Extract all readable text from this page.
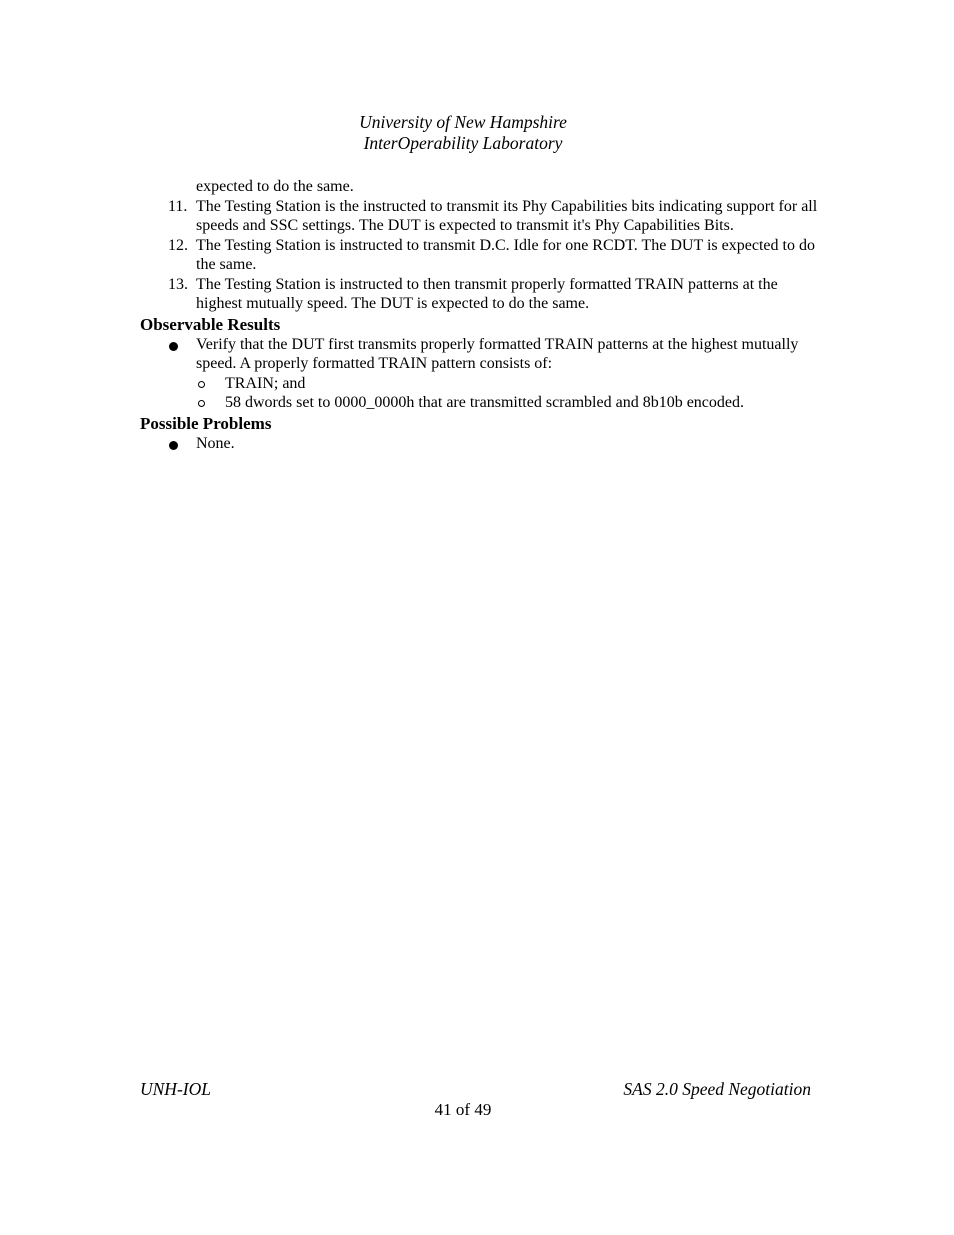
University of New Hampshire
InterOperability Laboratory
expected to do the same.
11. The Testing Station is the instructed to transmit its Phy Capabilities bits indicating support for all speeds and SSC settings. The DUT is expected to transmit it's Phy Capabilities Bits.
12. The Testing Station is instructed to transmit D.C. Idle for one RCDT. The DUT is expected to do the same.
13. The Testing Station is instructed to then transmit properly formatted TRAIN patterns at the highest mutually speed. The DUT is expected to do the same.
Observable Results
Verify that the DUT first transmits properly formatted TRAIN patterns at the highest mutually speed. A properly formatted TRAIN pattern consists of:
TRAIN; and
58 dwords set to 0000_0000h that are transmitted scrambled and 8b10b encoded.
Possible Problems
None.
UNH-IOL	SAS 2.0 Speed Negotiation
41 of 49
